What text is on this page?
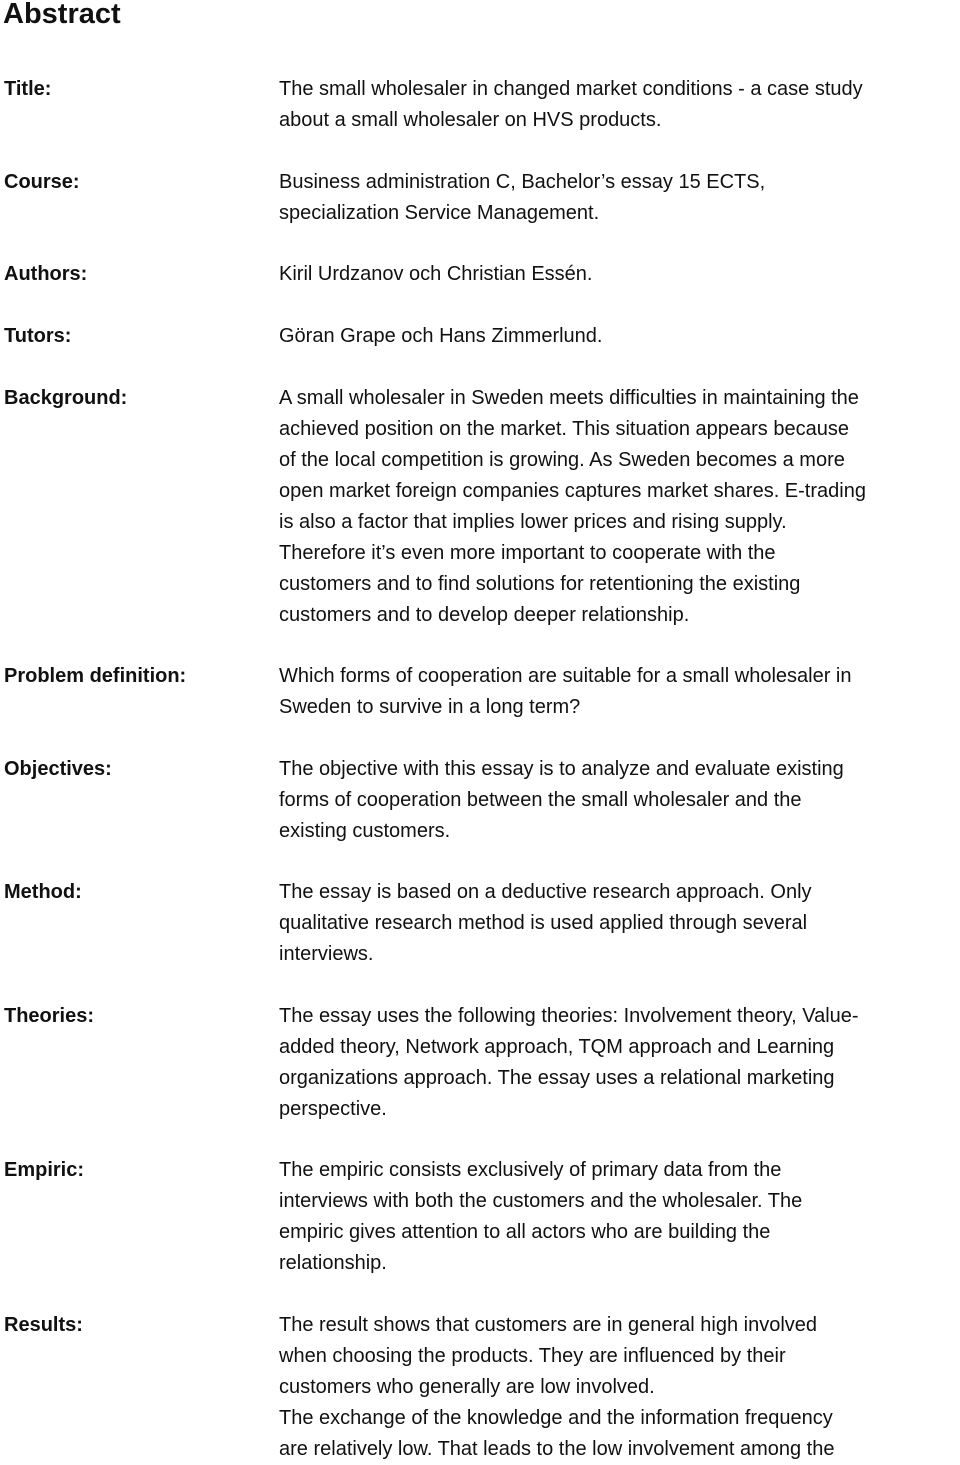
Abstract
Title:	The small wholesaler in changed market conditions - a case study
about a small wholesaler on HVS products.
Course:	Business administration C, Bachelor’s essay 15 ECTS,
specialization Service Management.
Authors:	Kiril Urdzanov och Christian Essén.
Tutors:	Göran Grape och Hans Zimmerlund.
Background:	A small wholesaler in Sweden meets difficulties in maintaining the
achieved position on the market. This situation appears because
of the local competition is growing. As Sweden becomes a more
open market foreign companies captures market shares. E-trading
is also a factor that implies lower prices and rising supply.
Therefore it’s even more important to cooperate with the
customers and to find solutions for retentioning the existing
customers and to develop deeper relationship.
Problem definition:	Which forms of cooperation are suitable for a small wholesaler in
Sweden to survive in a long term?
Objectives:	The objective with this essay is to analyze and evaluate existing
forms of cooperation between the small wholesaler and the
existing customers.
Method:	The essay is based on a deductive research approach. Only
qualitative research method is used applied through several
interviews.
Theories:	The essay uses the following theories: Involvement theory, Value-
added theory, Network approach, TQM approach and Learning
organizations approach. The essay uses a relational marketing
perspective.
Empiric:	The empiric consists exclusively of primary data from the
interviews with both the customers and the wholesaler. The
empiric gives attention to all actors who are building the
relationship.
Results:	The result shows that customers are in general high involved
when choosing the products. They are influenced by their
customers who generally are low involved.
The exchange of the knowledge and the information frequency
are relatively low. That leads to the low involvement among the
